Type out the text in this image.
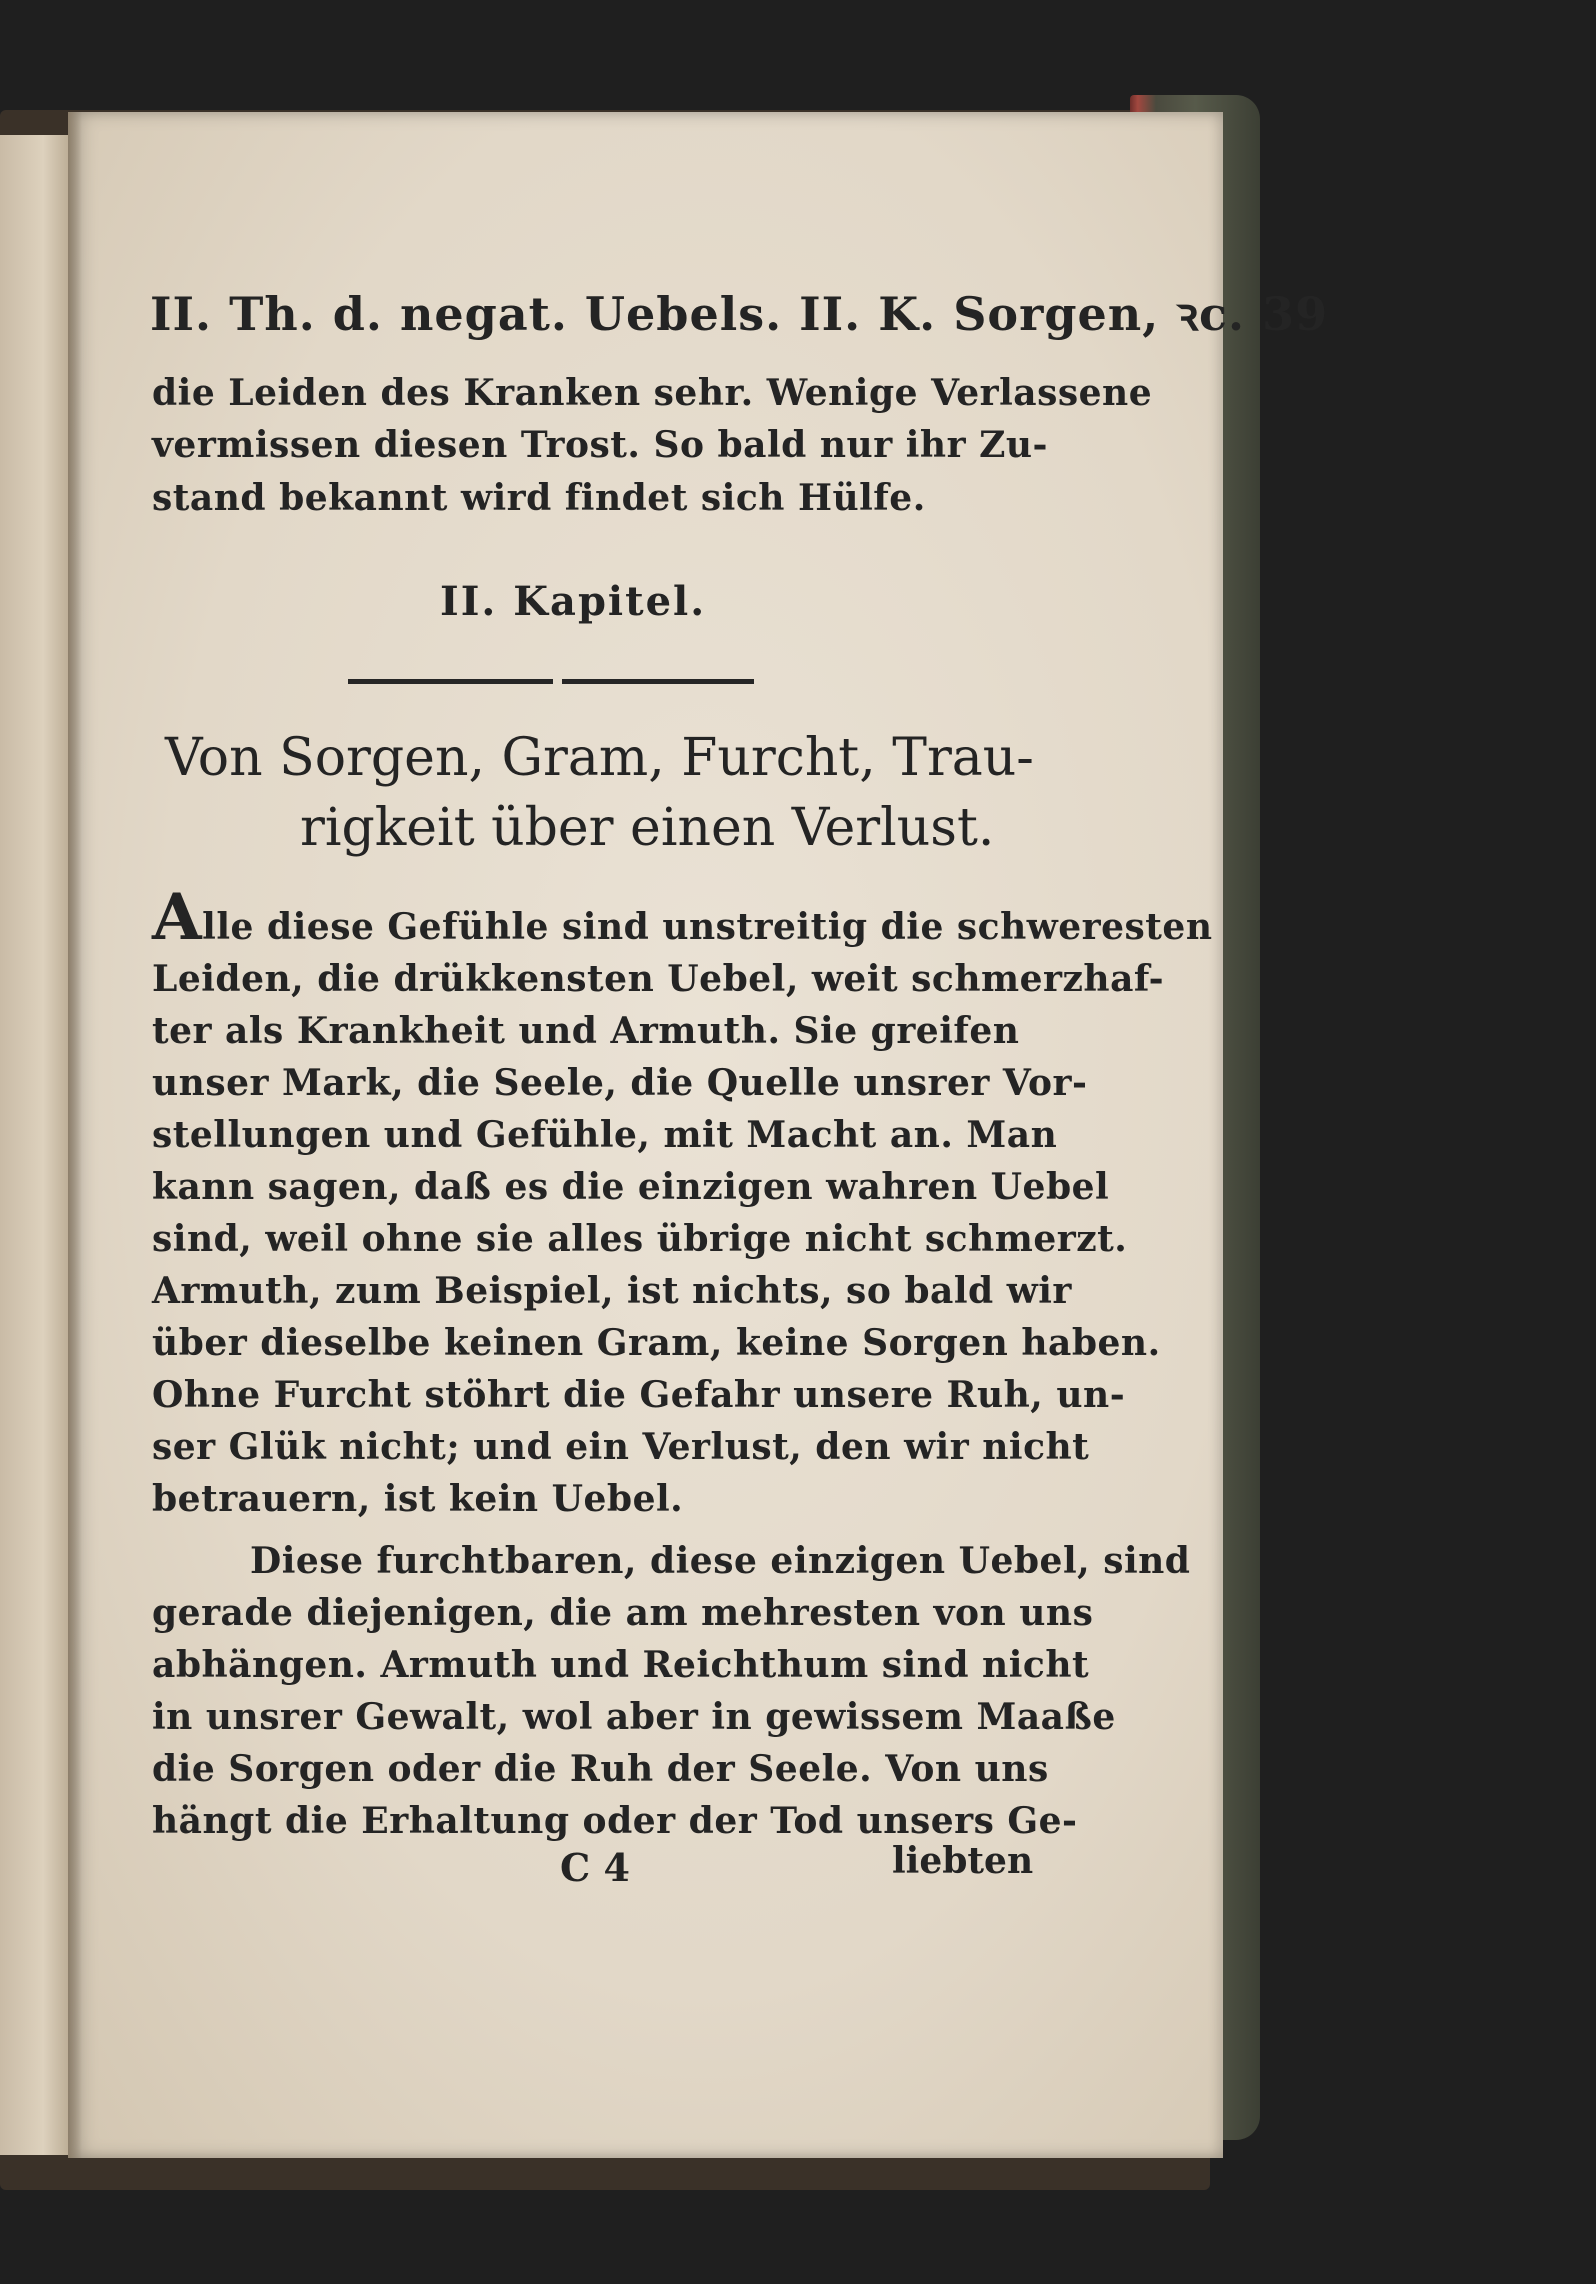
II. Th. d. negat. Uebels. II. K. Sorgen, ꝛc. 39
die Leiden des Kranken sehr. Wenige Verlassene
vermissen diesen Trost. So bald nur ihr Zu-
stand bekannt wird findet sich Hülfe.
II. Kapitel.
Von Sorgen, Gram, Furcht, Trau-
rigkeit über einen Verlust.
Alle diese Gefühle sind unstreitig die schweresten
Leiden, die drükkensten Uebel, weit schmerzhaf-
ter als Krankheit und Armuth. Sie greifen
unser Mark, die Seele, die Quelle unsrer Vor-
stellungen und Gefühle, mit Macht an. Man
kann sagen, daß es die einzigen wahren Uebel
sind, weil ohne sie alles übrige nicht schmerzt.
Armuth, zum Beispiel, ist nichts, so bald wir
über dieselbe keinen Gram, keine Sorgen haben.
Ohne Furcht stöhrt die Gefahr unsere Ruh, un-
ser Glük nicht; und ein Verlust, den wir nicht
betrauern, ist kein Uebel.
Diese furchtbaren, diese einzigen Uebel, sind
gerade diejenigen, die am mehresten von uns
abhängen. Armuth und Reichthum sind nicht
in unsrer Gewalt, wol aber in gewissem Maaße
die Sorgen oder die Ruh der Seele. Von uns
hängt die Erhaltung oder der Tod unsers Ge-
C 4	liebten
